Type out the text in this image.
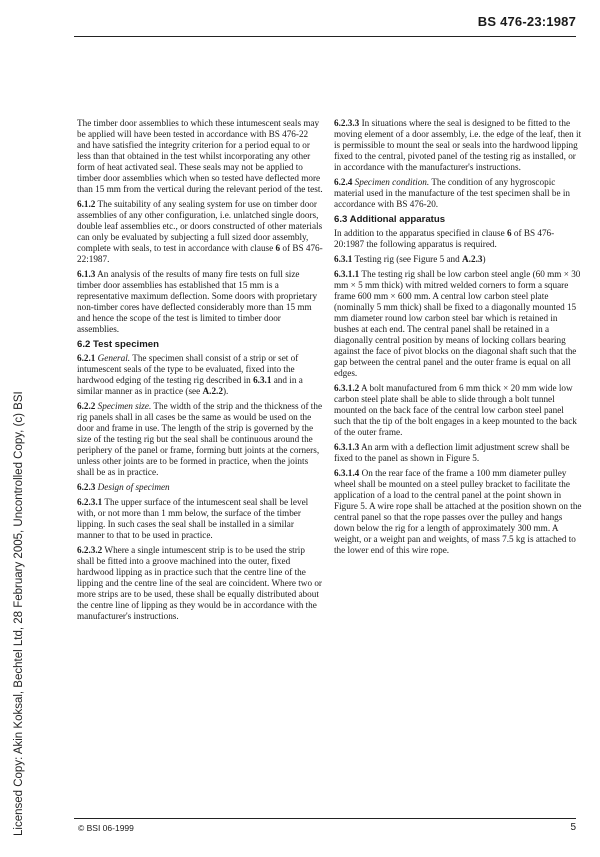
BS 476-23:1987
Licensed Copy: Akin Koksal, Bechtel Ltd, 28 February 2005, Uncontrolled Copy, (c) BSI

The timber door assemblies to which these intumescent seals may be applied will have been tested in accordance with BS 476-22 and have satisfied the integrity criterion for a period equal to or less than that obtained in the test whilst incorporating any other form of heat activated seal. These seals may not be applied to timber door assemblies which when so tested have deflected more than 15 mm from the vertical during the relevant period of the test.

6.1.2 The suitability of any sealing system for use on timber door assemblies of any other configuration, i.e. unlatched single doors, double leaf assemblies etc., or doors constructed of other materials can only be evaluated by subjecting a full sized door assembly, complete with seals, to test in accordance with clause 6 of BS 476-22:1987.

6.1.3 An analysis of the results of many fire tests on full size timber door assemblies has established that 15 mm is a representative maximum deflection. Some doors with proprietary non-timber cores have deflected considerably more than 15 mm and hence the scope of the test is limited to timber door assemblies.

6.2 Test specimen

6.2.1 General. The specimen shall consist of a strip or set of intumescent seals of the type to be evaluated, fixed into the hardwood edging of the testing rig described in 6.3.1 and in a similar manner as in practice (see A.2.2).

6.2.2 Specimen size. The width of the strip and the thickness of the rig panels shall in all cases be the same as would be used on the door and frame in use. The length of the strip is governed by the size of the testing rig but the seal shall be continuous around the periphery of the panel or frame, forming butt joints at the corners, unless other joints are to be formed in practice, when the joints shall be as in practice.

6.2.3 Design of specimen

6.2.3.1 The upper surface of the intumescent seal shall be level with, or not more than 1 mm below, the surface of the timber lipping. In such cases the seal shall be installed in a similar manner to that to be used in practice.

6.2.3.2 Where a single intumescent strip is to be used the strip shall be fitted into a groove machined into the outer, fixed hardwood lipping as in practice such that the centre line of the lipping and the centre line of the seal are coincident. Where two or more strips are to be used, these shall be equally distributed about the centre line of lipping as they would be in accordance with the manufacturer's instructions.

6.2.3.3 In situations where the seal is designed to be fitted to the moving element of a door assembly, i.e. the edge of the leaf, then it is permissible to mount the seal or seals into the hardwood lipping fixed to the central, pivoted panel of the testing rig as installed, or in accordance with the manufacturer's instructions.

6.2.4 Specimen condition. The condition of any hygroscopic material used in the manufacture of the test specimen shall be in accordance with BS 476-20.

6.3 Additional apparatus

In addition to the apparatus specified in clause 6 of BS 476-20:1987 the following apparatus is required.

6.3.1 Testing rig (see Figure 5 and A.2.3)

6.3.1.1 The testing rig shall be low carbon steel angle (60 mm × 30 mm × 5 mm thick) with mitred welded corners to form a square frame 600 mm × 600 mm. A central low carbon steel plate (nominally 5 mm thick) shall be fixed to a diagonally mounted 15 mm diameter round low carbon steel bar which is retained in bushes at each end. The central panel shall be retained in a diagonally central position by means of locking collars bearing against the face of pivot blocks on the diagonal shaft such that the gap between the central panel and the outer frame is equal on all edges.

6.3.1.2 A bolt manufactured from 6 mm thick × 20 mm wide low carbon steel plate shall be able to slide through a bolt tunnel mounted on the back face of the central low carbon steel panel such that the tip of the bolt engages in a keep mounted to the back of the outer frame.

6.3.1.3 An arm with a deflection limit adjustment screw shall be fixed to the panel as shown in Figure 5.

6.3.1.4 On the rear face of the frame a 100 mm diameter pulley wheel shall be mounted on a steel pulley bracket to facilitate the application of a load to the central panel at the point shown in Figure 5. A wire rope shall be attached at the position shown on the central panel so that the rope passes over the pulley and hangs down below the rig for a length of approximately 300 mm. A weight, or a weight pan and weights, of mass 7.5 kg is attached to the lower end of this wire rope.

© BSI 06-1999	5
